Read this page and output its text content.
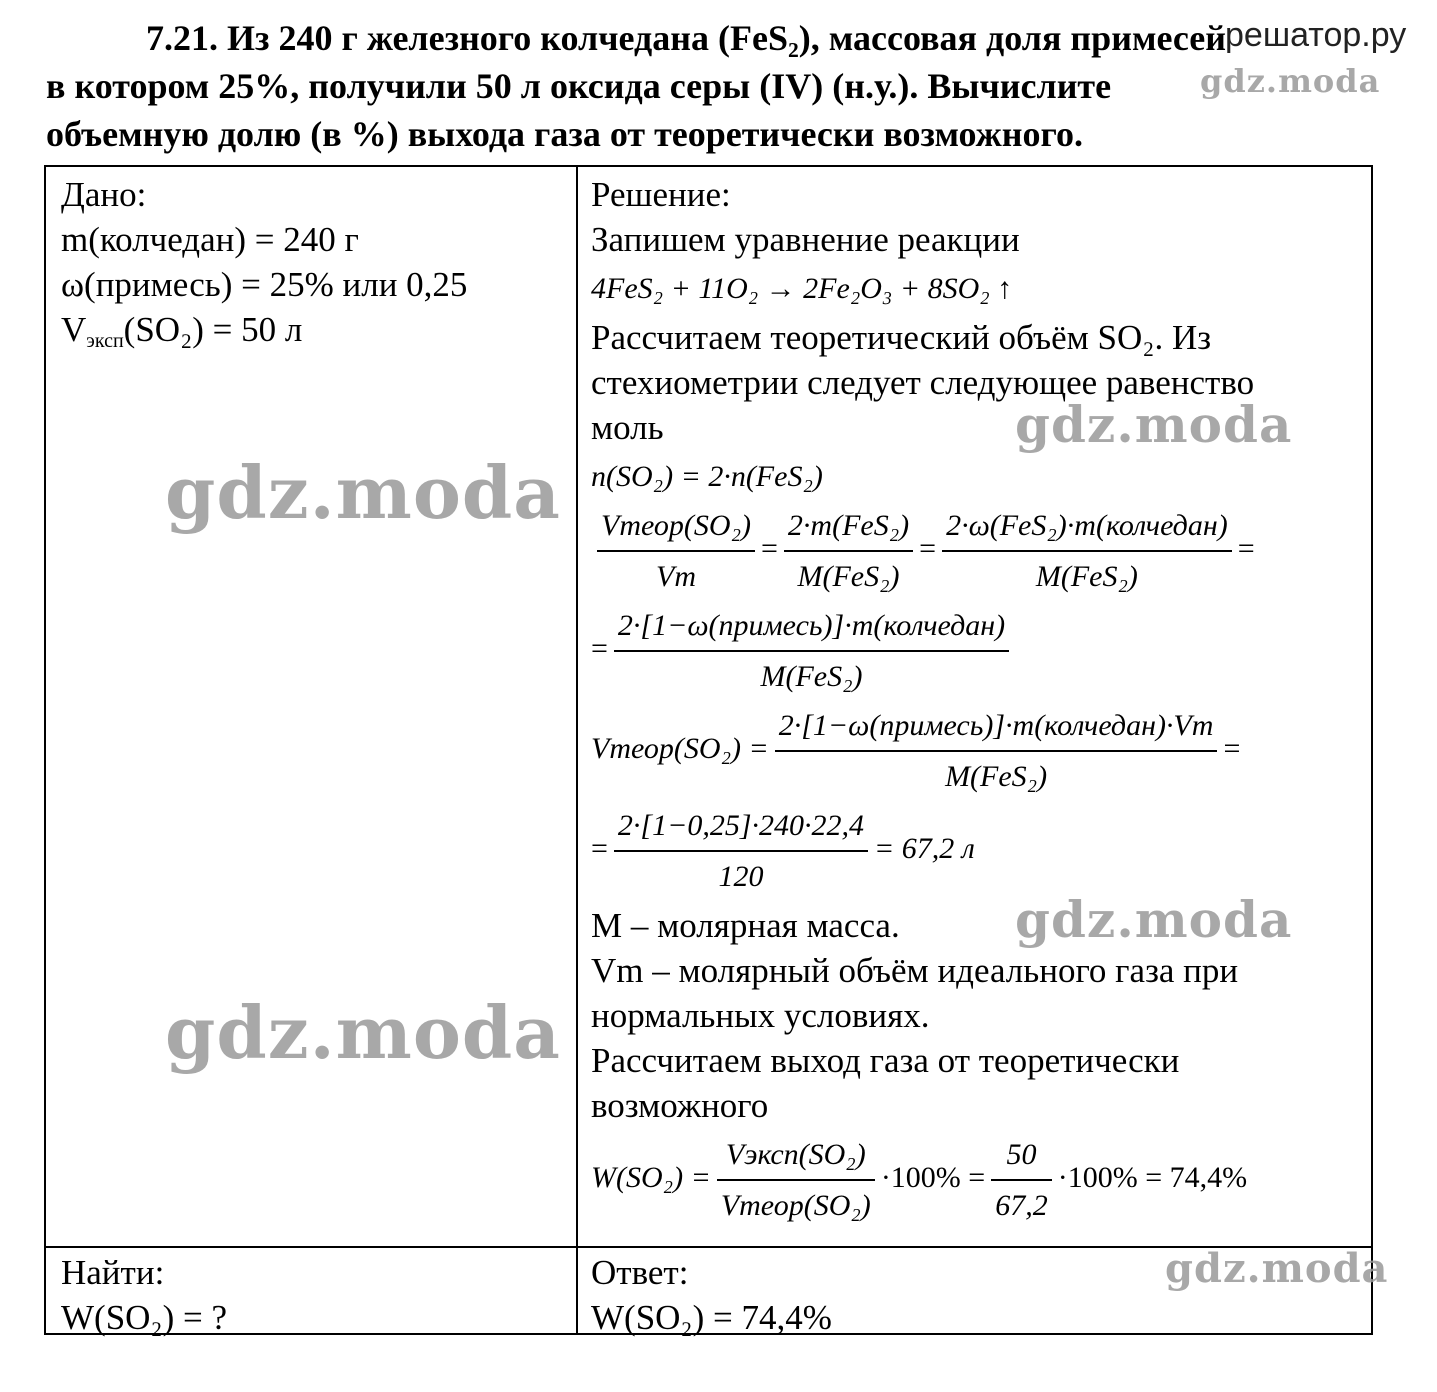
7.21. Из 240 г железного колчедана (FeS₂), массовая доля примесей
в котором 25%, получили 50 л оксида серы (IV) (н.у.). Вычислите
объемную долю (в %) выхода газа от теоретически возможного.
решатор.ру
Дано:
m(колчедан) = 240 г
ω(примесь) = 25% или 0,25
$V_{эксп}(SO_2) = 50$ л
Найти:
W(SO₂) = ?
Решение:
Запишем уравнение реакции
4FeS₂ + 11O₂ → 2Fe₂O₃ + 8SO₂ ↑
Рассчитаем теоретический объём SO₂. Из
стехиометрии следует следующее равенство
моль
n(SO₂) = 2·n(FeS₂)
$\frac{\text{Vтеор(SO₂)}}{Vm} = \frac{\text{2·m(FeS₂)}}{\text{M(FeS₂)}} = \frac{\text{2·ω(FeS₂)·m(колчедан)}}{\text{M(FeS₂)}}$ =
= $\frac{\text{2·[1−ω(примесь)]·m(колчедан)}}{\text{M(FeS₂)}}$
Vтеор(SO₂) = $\frac{\text{2·[1−ω(примесь)]·m(колчедан)·Vm}}{\text{M(FeS₂)}}$ =
= $\frac{2\cdot[1-0,25]\cdot 240\cdot 22,4}{120} = 67,2$ л
M – молярная масса.
Vm – молярный объём идеального газа при
нормальных условиях.
Рассчитаем выход газа от теоретически
возможного
$W(SO_2) = \frac{\text{Vэксп(SO₂)}}{\text{Vтеор(SO₂)}} \cdot 100\% = \frac{50}{67,2} \cdot 100\% = 74,4\%$
Ответ:
W(SO₂) = 74,4%
gdz.moda
gdz.moda
gdz.moda
gdz.moda
gdz.moda
gdz.moda
